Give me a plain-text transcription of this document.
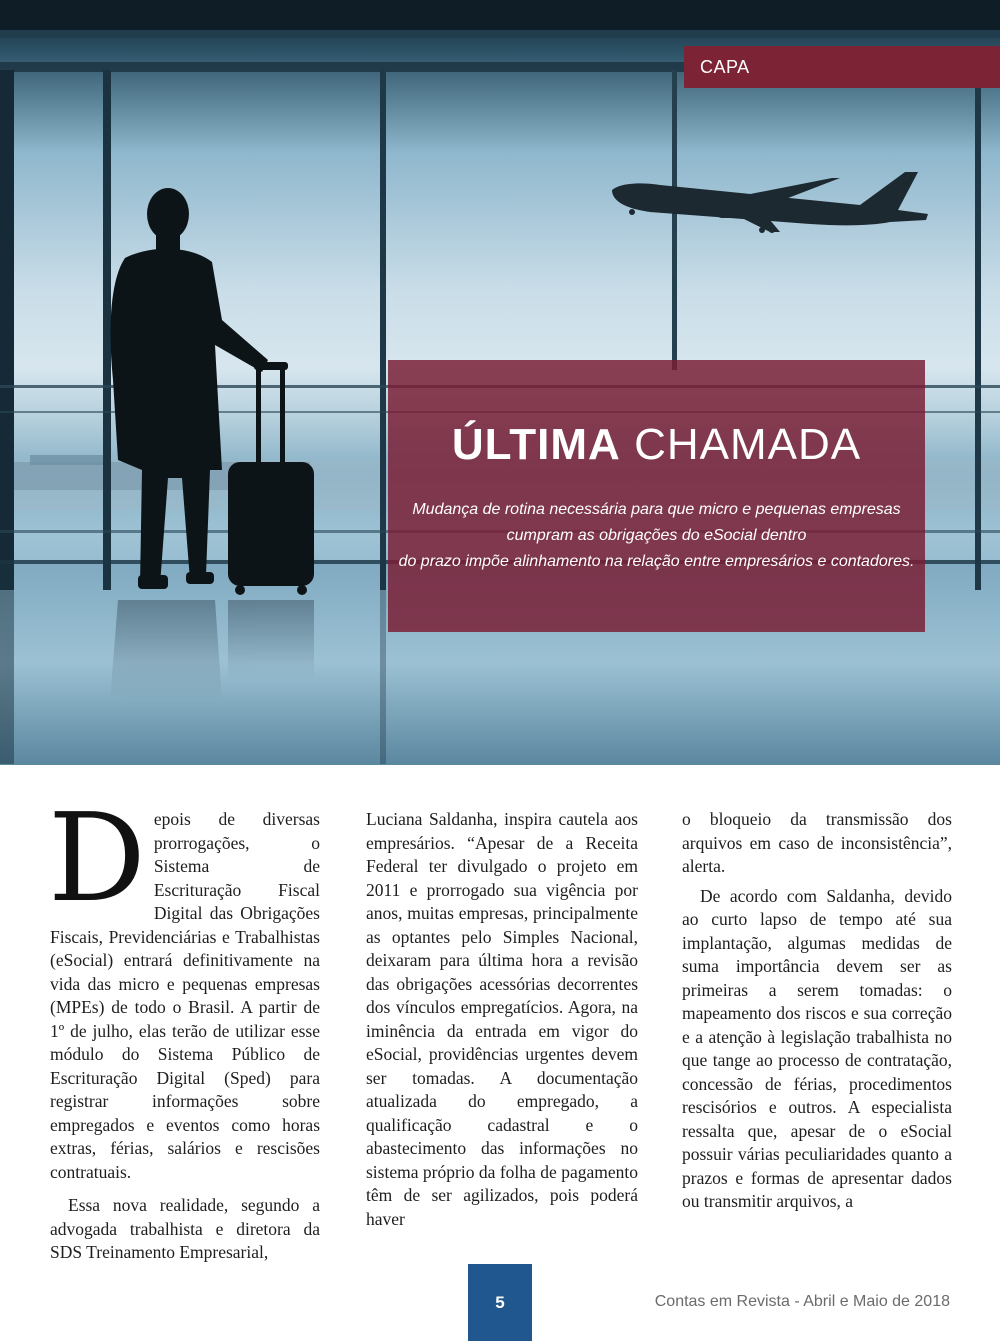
CAPA
ÚLTIMA CHAMADA
Mudança de rotina necessária para que micro e pequenas empresas
cumpram as obrigações do eSocial dentro
do prazo impõe alinhamento na relação entre empresários e contadores.

D epois de diversas prorrogações, o Sistema de Escrituração Fiscal Digital das Obrigações Fiscais, Previdenciárias e Trabalhistas (eSocial) entrará definitivamente na vida das micro e pequenas empresas (MPEs) de todo o Brasil. A partir de 1º de julho, elas terão de utilizar esse módulo do Sistema Público de Escrituração Digital (Sped) para registrar informações sobre empregados e eventos como horas extras, férias, salários e rescisões contratuais.

Essa nova realidade, segundo a advogada trabalhista e diretora da SDS Treinamento Empresarial,

Luciana Saldanha, inspira cautela aos empresários. “Apesar de a Receita Federal ter divulgado o projeto em 2011 e prorrogado sua vigência por anos, muitas empresas, principalmente as optantes pelo Simples Nacional, deixaram para última hora a revisão das obrigações acessórias decorrentes dos vínculos empregatícios. Agora, na iminência da entrada em vigor do eSocial, providências urgentes devem ser tomadas. A documentação atualizada do empregado, a qualificação cadastral e o abastecimento das informações no sistema próprio da folha de pagamento têm de ser agilizados, pois poderá haver

o bloqueio da transmissão dos arquivos em caso de inconsistência”, alerta.

De acordo com Saldanha, devido ao curto lapso de tempo até sua implantação, algumas medidas de suma importância devem ser as primeiras a serem tomadas: o mapeamento dos riscos e sua correção e a atenção à legislação trabalhista no que tange ao processo de contratação, concessão de férias, procedimentos rescisórios e outros. A especialista ressalta que, apesar de o eSocial possuir várias peculiaridades quanto a prazos e formas de apresentar dados ou transmitir arquivos, a

5	Contas em Revista - Abril e Maio de 2018
